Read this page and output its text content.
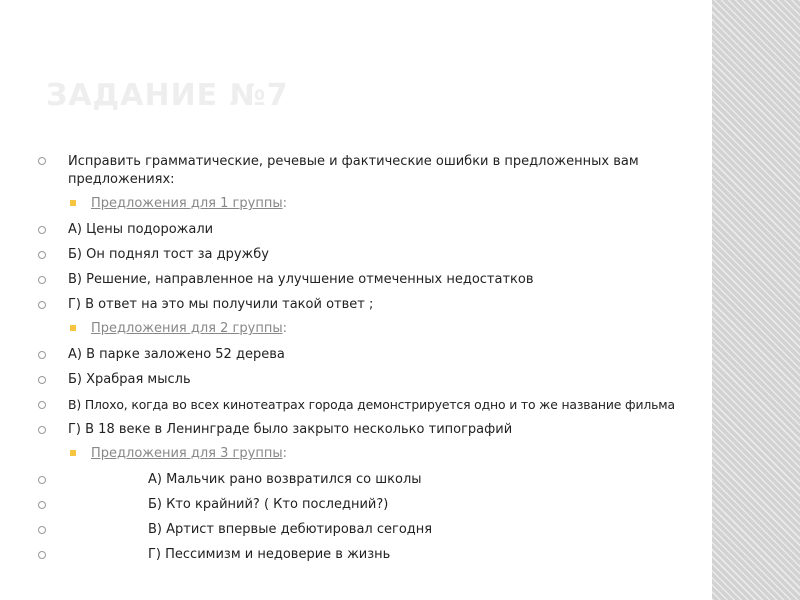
ЗАДАНИЕ №7
Исправить грамматические, речевые и фактические ошибки в предложенных вам предложениях:
Предложения для 1 группы:
А) Цены подорожали
Б) Он поднял тост за дружбу
В) Решение, направленное на улучшение отмеченных недостатков
Г) В ответ на это мы получили такой ответ ;
Предложения для 2 группы:
А) В парке заложено 52 дерева
Б) Храбрая мысль
В) Плохо, когда во всех кинотеатрах города демонстрируется одно и то же название фильма
Г) В 18 веке в Ленинграде было закрыто несколько типографий
Предложения для 3 группы:
А) Мальчик рано возвратился со школы
Б) Кто крайний? ( Кто последний?)
В) Артист впервые дебютировал сегодня
Г) Пессимизм и недоверие в жизнь
